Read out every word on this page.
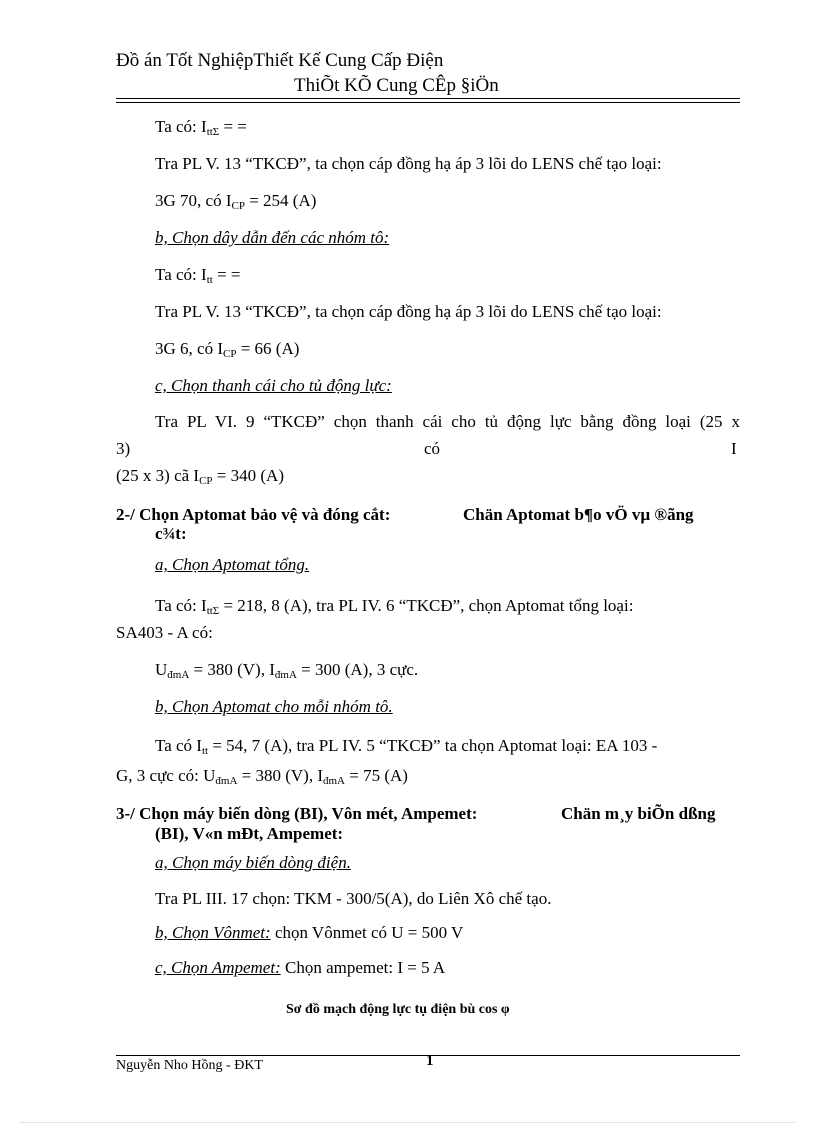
Đồ án Tốt NghiệpThiết Kế Cung Cấp Điện
ThiÕt KÕ Cung CÊp §iÖn
Ta có: $I_{tt\Sigma}$ = =
Tra PL V. 13 “TKCĐ”, ta chọn cáp đồng hạ áp 3 lõi do LENS chế tạo loại:
3G 70, có $I_{CP} = 254$ (A)
b, Chọn dây dẫn đến các nhóm tô:
Ta có: $I_{tt}$ = =
Tra PL V. 13 “TKCĐ”, ta chọn cáp đồng hạ áp 3 lõi do LENS chế tạo loại:
3G 6, có $I_{CP} = 66$ (A)
c, Chọn thanh cái cho tủ động lực:
Tra PL VI. 9 “TKCĐ” chọn thanh cái cho tủ động lực bằng đồng loại (25 x
3)	có	I
(25 x 3) cã $I_{CP} = 340$ (A)
2-/ Chọn Aptomat bảo vệ và đóng cắt:	Chän Aptomat b¶o vÖ vµ ®ãng
c¾t:
a, Chọn Aptomat tổng.
Ta có: $I_{tt\Sigma} = 218$, 8 (A), tra PL IV. 6 “TKCĐ”, chọn Aptomat tổng loại:
SA403 - A có:
$U_{đmA} = 380$ (V), $I_{đmA} = 300$ (A), 3 cực.
b, Chọn Aptomat cho mỗi nhóm tô.
Ta có $I_{tt} = 54$, 7 (A), tra PL IV. 5 “TKCĐ” ta chọn Aptomat loại: EA 103 -
G, 3 cực có: $U_{đmA} = 380$ (V), $I_{đmA} = 75$ (A)
3-/ Chọn máy biến dòng (BI), Vôn mét, Ampemet:	Chän m¸y biÕn dßng
(BI), V«n mÐt, Ampemet:
a, Chọn máy biến dòng điện.
Tra PL III. 17 chọn: TKM - 300/5(A), do Liên Xô chế tạo.
b, Chọn Vônmet: chọn Vônmet có U = 500 V
c, Chọn Ampemet: Chọn ampemet: I = 5 A
Sơ đồ mạch động lực tụ điện bù cos φ
Nguyễn Nho Hồng - ĐKT	1
